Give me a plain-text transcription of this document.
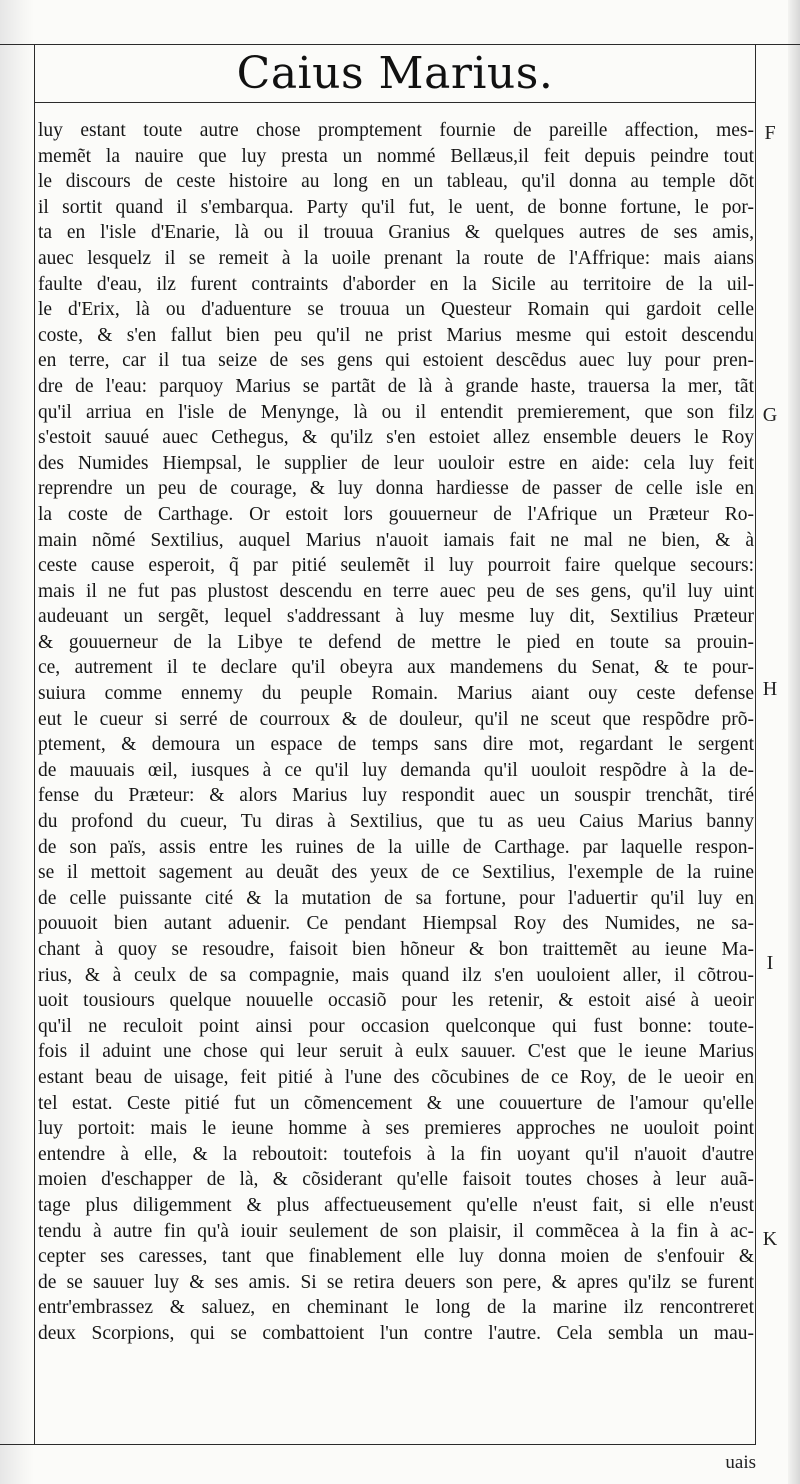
Caius Marius.
luy estant toute autre chose promptement fournie de pareille affection, mes-
memẽt la nauire que luy presta un nommé Bellæus,il feit depuis peindre tout
le discours de ceste histoire au long en un tableau, qu'il donna au temple dõt
il sortit quand il s'embarqua. Party qu'il fut, le uent, de bonne fortune, le por-
ta en l'isle d'Enarie, là ou il trouua Granius & quelques autres de ses amis,
auec lesquelz il se remeit à la uoile prenant la route de l'Affrique: mais aians
faulte d'eau, ilz furent contraints d'aborder en la Sicile au territoire de la uil-
le d'Erix, là ou d'aduenture se trouua un Questeur Romain qui gardoit celle
coste, & s'en fallut bien peu qu'il ne prist Marius mesme qui estoit descendu
en terre, car il tua seize de ses gens qui estoient descẽdus auec luy pour pren-
dre de l'eau: parquoy Marius se partãt de là à grande haste, trauersa la mer, tãt
qu'il arriua en l'isle de Menynge, là ou il entendit premierement, que son filz
s'estoit sauué auec Cethegus, & qu'ilz s'en estoiet allez ensemble deuers le Roy
des Numides Hiempsal, le supplier de leur uouloir estre en aide: cela luy feit
reprendre un peu de courage, & luy donna hardiesse de passer de celle isle en
la coste de Carthage. Or estoit lors gouuerneur de l'Afrique un Præteur Ro-
main nõmé Sextilius, auquel Marius n'auoit iamais fait ne mal ne bien, & à
ceste cause esperoit, q̃ par pitié seulemẽt il luy pourroit faire quelque secours:
mais il ne fut pas plustost descendu en terre auec peu de ses gens, qu'il luy uint
audeuant un sergẽt, lequel s'addressant à luy mesme luy dit, Sextilius Præteur
& gouuerneur de la Libye te defend de mettre le pied en toute sa prouin-
ce, autrement il te declare qu'il obeyra aux mandemens du Senat, & te pour-
suiura comme ennemy du peuple Romain. Marius aiant ouy ceste defense
eut le cueur si serré de courroux & de douleur, qu'il ne sceut que respõdre prõ-
ptement, & demoura un espace de temps sans dire mot, regardant le sergent
de mauuais œil, iusques à ce qu'il luy demanda qu'il uouloit respõdre à la de-
fense du Præteur: & alors Marius luy respondit auec un souspir trenchãt, tiré
du profond du cueur, Tu diras à Sextilius, que tu as ueu Caius Marius banny
de son païs, assis entre les ruines de la uille de Carthage. par laquelle respon-
se il mettoit sagement au deuãt des yeux de ce Sextilius, l'exemple de la ruine
de celle puissante cité & la mutation de sa fortune, pour l'aduertir qu'il luy en
pouuoit bien autant aduenir. Ce pendant Hiempsal Roy des Numides, ne sa-
chant à quoy se resoudre, faisoit bien hõneur & bon traittemẽt au ieune Ma-
rius, & à ceulx de sa compagnie, mais quand ilz s'en uouloient aller, il cõtrou-
uoit tousiours quelque nouuelle occasiõ pour les retenir, & estoit aisé à ueoir
qu'il ne reculoit point ainsi pour occasion quelconque qui fust bonne: toute-
fois il aduint une chose qui leur seruit à eulx sauuer. C'est que le ieune Marius
estant beau de uisage, feit pitié à l'une des cõcubines de ce Roy, de le ueoir en
tel estat. Ceste pitié fut un cõmencement & une couuerture de l'amour qu'elle
luy portoit: mais le ieune homme à ses premieres approches ne uouloit point
entendre à elle, & la reboutoit: toutefois à la fin uoyant qu'il n'auoit d'autre
moien d'eschapper de là, & cõsiderant qu'elle faisoit toutes choses à leur auã-
tage plus diligemment & plus affectueusement qu'elle n'eust fait, si elle n'eust
tendu à autre fin qu'à iouir seulement de son plaisir, il commẽcea à la fin à ac-
cepter ses caresses, tant que finablement elle luy donna moien de s'enfouir &
de se sauuer luy & ses amis. Si se retira deuers son pere, & apres qu'ilz se furent
entr'embrassez & saluez, en cheminant le long de la marine ilz rencontreret
deux Scorpions, qui se combattoient l'un contre l'autre. Cela sembla un mau-
F
G
H
I
K
uais
